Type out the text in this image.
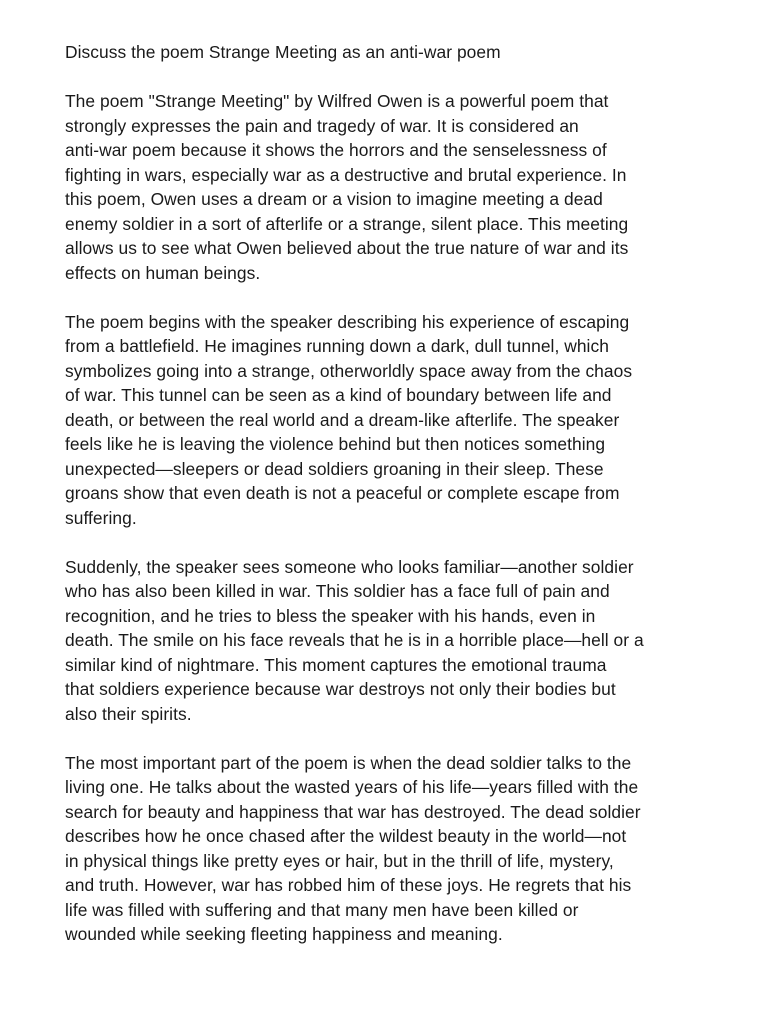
Discuss the poem Strange Meeting as an anti-war poem
The poem "Strange Meeting" by Wilfred Owen is a powerful poem that
strongly expresses the pain and tragedy of war. It is considered an
anti-war poem because it shows the horrors and the senselessness of
fighting in wars, especially war as a destructive and brutal experience. In
this poem, Owen uses a dream or a vision to imagine meeting a dead
enemy soldier in a sort of afterlife or a strange, silent place. This meeting
allows us to see what Owen believed about the true nature of war and its
effects on human beings.
The poem begins with the speaker describing his experience of escaping
from a battlefield. He imagines running down a dark, dull tunnel, which
symbolizes going into a strange, otherworldly space away from the chaos
of war. This tunnel can be seen as a kind of boundary between life and
death, or between the real world and a dream-like afterlife. The speaker
feels like he is leaving the violence behind but then notices something
unexpected—sleepers or dead soldiers groaning in their sleep. These
groans show that even death is not a peaceful or complete escape from
suffering.
Suddenly, the speaker sees someone who looks familiar—another soldier
who has also been killed in war. This soldier has a face full of pain and
recognition, and he tries to bless the speaker with his hands, even in
death. The smile on his face reveals that he is in a horrible place—hell or a
similar kind of nightmare. This moment captures the emotional trauma
that soldiers experience because war destroys not only their bodies but
also their spirits.
The most important part of the poem is when the dead soldier talks to the
living one. He talks about the wasted years of his life—years filled with the
search for beauty and happiness that war has destroyed. The dead soldier
describes how he once chased after the wildest beauty in the world—not
in physical things like pretty eyes or hair, but in the thrill of life, mystery,
and truth. However, war has robbed him of these joys. He regrets that his
life was filled with suffering and that many men have been killed or
wounded while seeking fleeting happiness and meaning.
